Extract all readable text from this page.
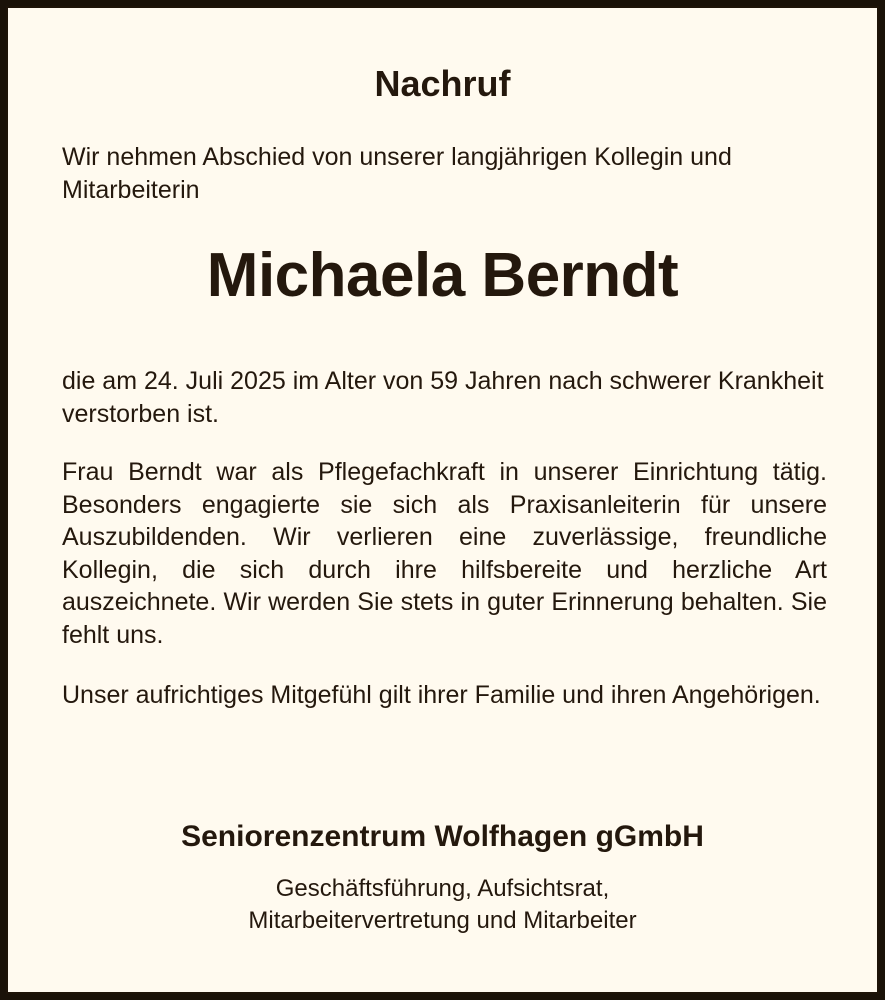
Nachruf
Wir nehmen Abschied von unserer langjährigen Kollegin und Mitarbeiterin
Michaela Berndt
die am 24. Juli 2025 im Alter von 59 Jahren nach schwerer Krankheit verstorben ist.
Frau Berndt war als Pflegefachkraft in unserer Einrichtung tätig. Besonders engagierte sie sich als Praxisanleiterin für unsere Auszubildenden. Wir verlieren eine zuverlässige, freundliche Kollegin, die sich durch ihre hilfsbereite und herzliche Art auszeichnete. Wir werden Sie stets in guter Erinnerung behalten. Sie fehlt uns.
Unser aufrichtiges Mitgefühl gilt ihrer Familie und ihren Angehörigen.
Seniorenzentrum Wolfhagen gGmbH
Geschäftsführung, Aufsichtsrat,
Mitarbeitervertretung und Mitarbeiter
